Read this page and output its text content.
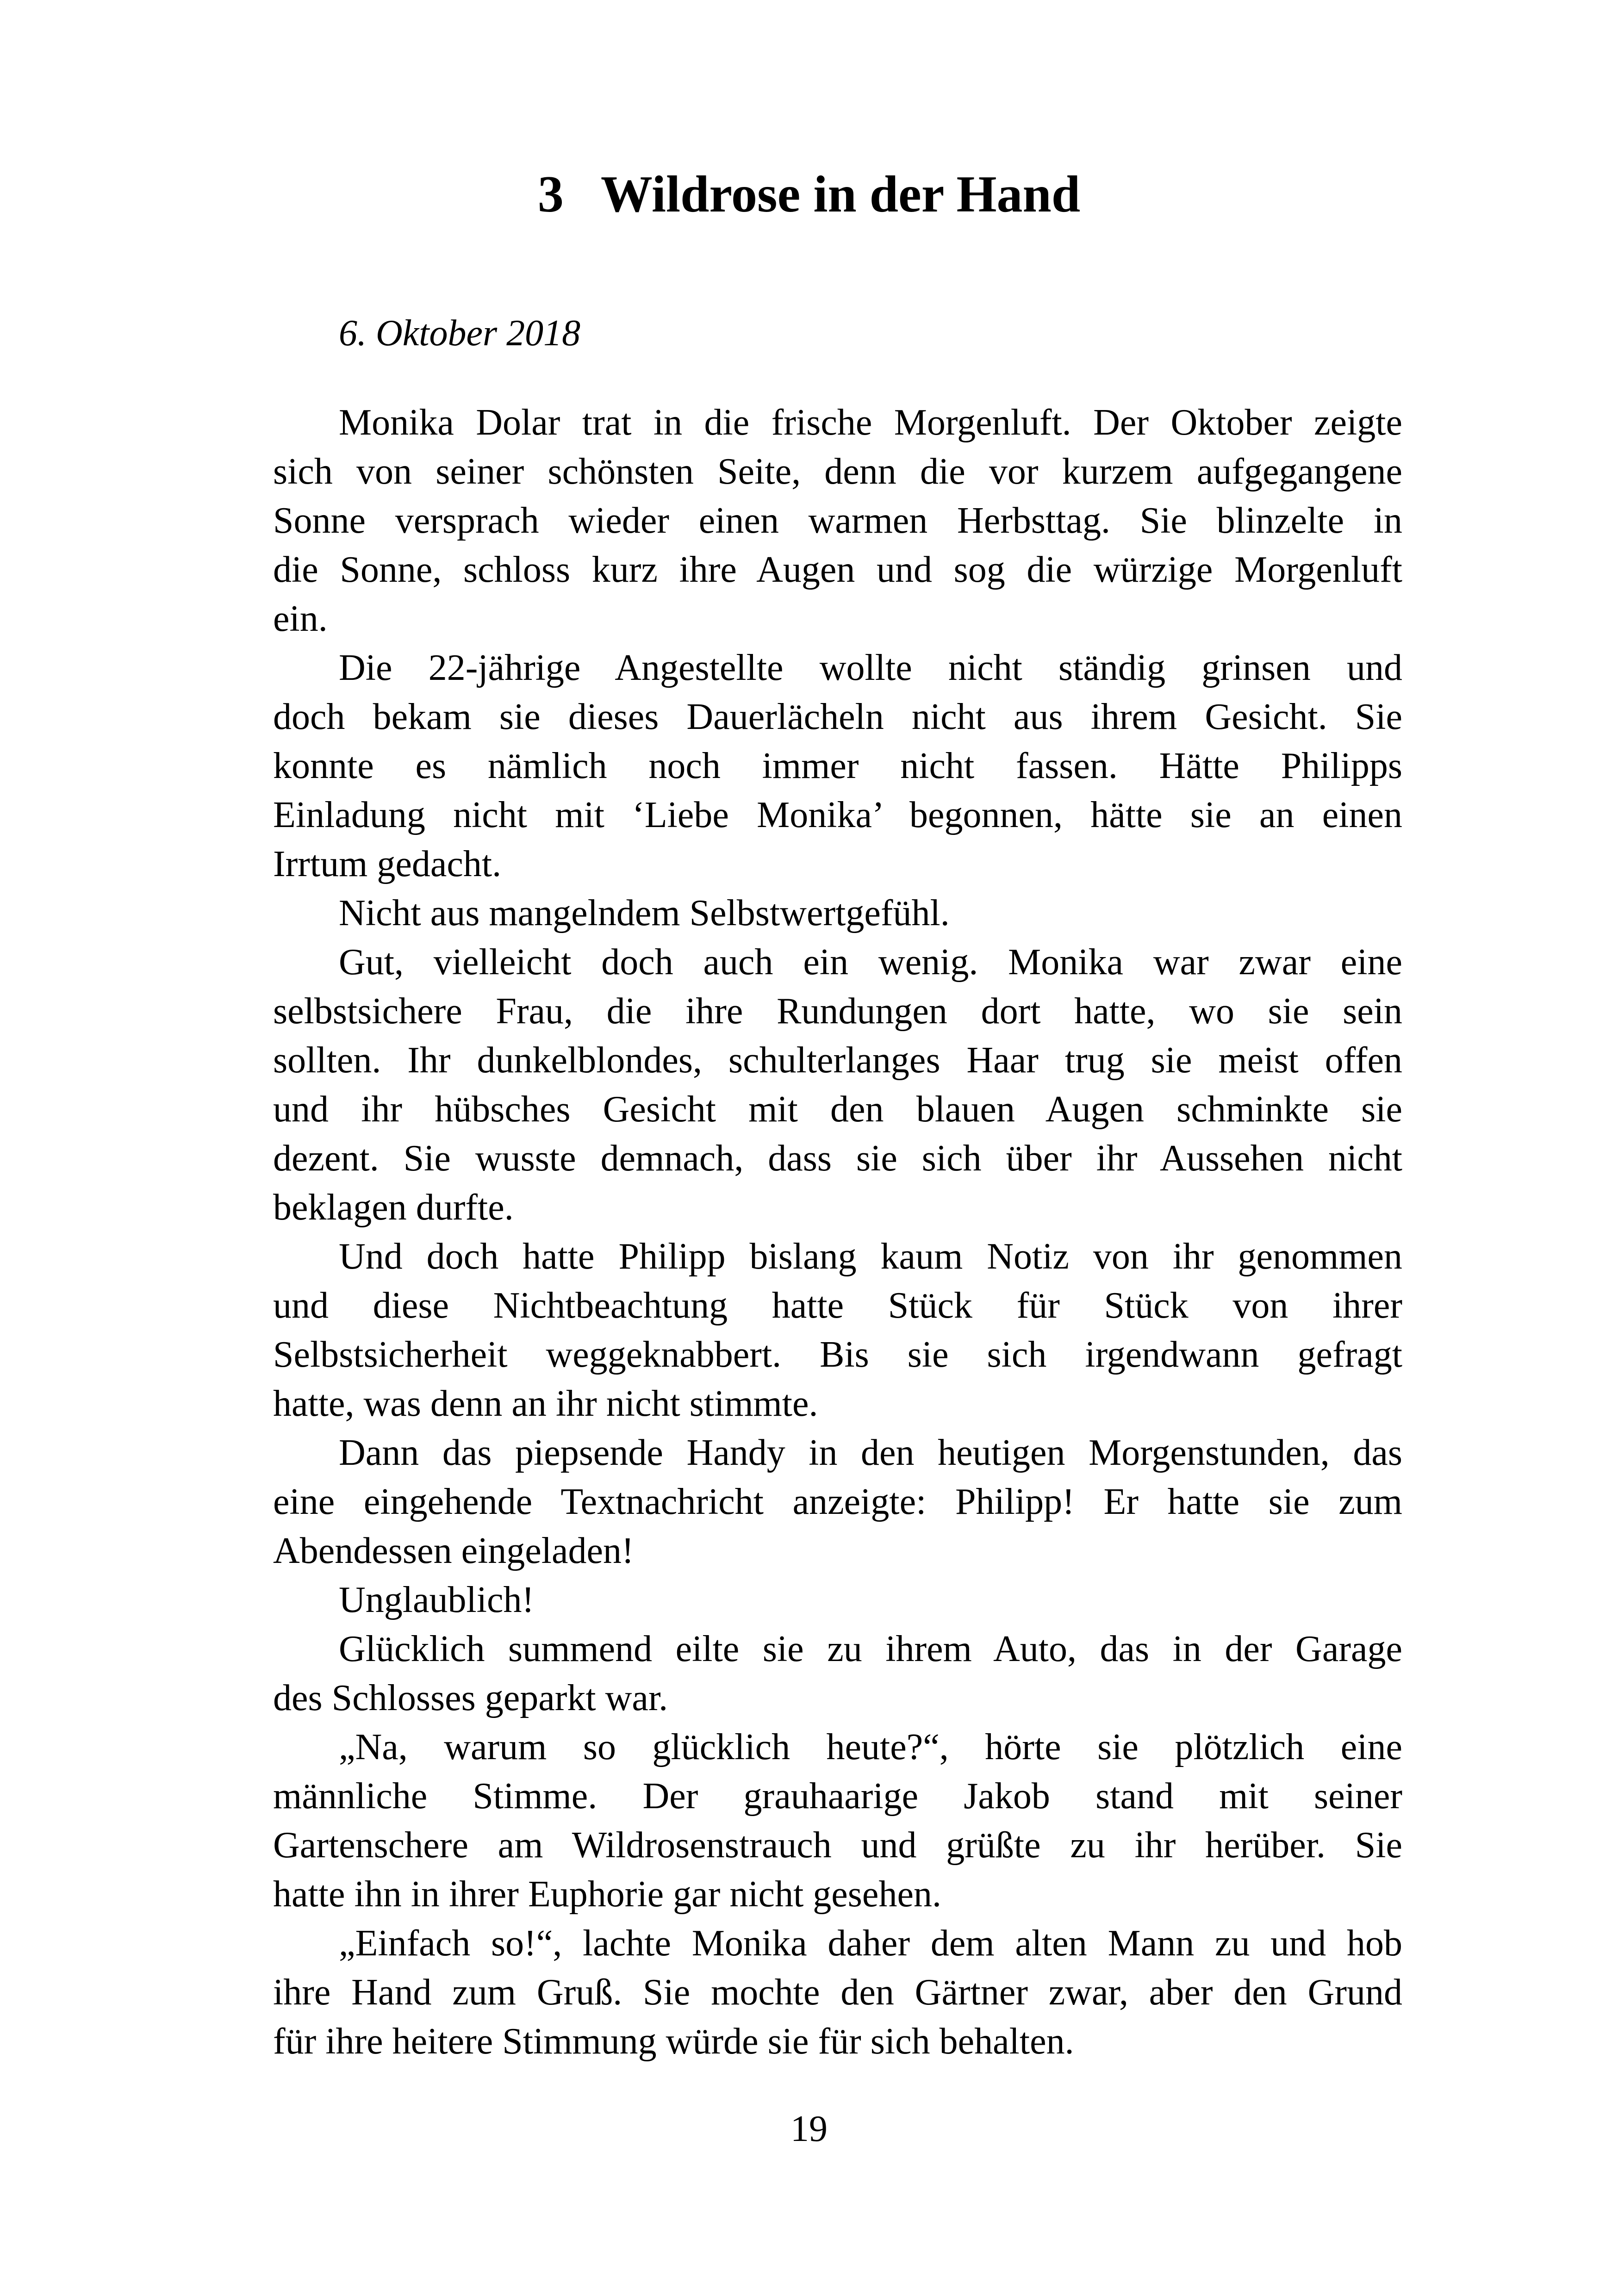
3 Wildrose in der Hand
6. Oktober 2018
Monika Dolar trat in die frische Morgenluft. Der Oktober zeigte
sich von seiner schönsten Seite, denn die vor kurzem aufgegangene
Sonne versprach wieder einen warmen Herbsttag. Sie blinzelte in
die Sonne, schloss kurz ihre Augen und sog die würzige Morgenluft
ein.
Die 22-jährige Angestellte wollte nicht ständig grinsen und
doch bekam sie dieses Dauerlächeln nicht aus ihrem Gesicht. Sie
konnte es nämlich noch immer nicht fassen. Hätte Philipps
Einladung nicht mit ‘Liebe Monika’ begonnen, hätte sie an einen
Irrtum gedacht.
Nicht aus mangelndem Selbstwertgefühl.
Gut, vielleicht doch auch ein wenig. Monika war zwar eine
selbstsichere Frau, die ihre Rundungen dort hatte, wo sie sein
sollten. Ihr dunkelblondes, schulterlanges Haar trug sie meist offen
und ihr hübsches Gesicht mit den blauen Augen schminkte sie
dezent. Sie wusste demnach, dass sie sich über ihr Aussehen nicht
beklagen durfte.
Und doch hatte Philipp bislang kaum Notiz von ihr genommen
und diese Nichtbeachtung hatte Stück für Stück von ihrer
Selbstsicherheit weggeknabbert. Bis sie sich irgendwann gefragt
hatte, was denn an ihr nicht stimmte.
Dann das piepsende Handy in den heutigen Morgenstunden, das
eine eingehende Textnachricht anzeigte: Philipp! Er hatte sie zum
Abendessen eingeladen!
Unglaublich!
Glücklich summend eilte sie zu ihrem Auto, das in der Garage
des Schlosses geparkt war.
„Na, warum so glücklich heute?“, hörte sie plötzlich eine
männliche Stimme. Der grauhaarige Jakob stand mit seiner
Gartenschere am Wildrosenstrauch und grüßte zu ihr herüber. Sie
hatte ihn in ihrer Euphorie gar nicht gesehen.
„Einfach so!“, lachte Monika daher dem alten Mann zu und hob
ihre Hand zum Gruß. Sie mochte den Gärtner zwar, aber den Grund
für ihre heitere Stimmung würde sie für sich behalten.
19
